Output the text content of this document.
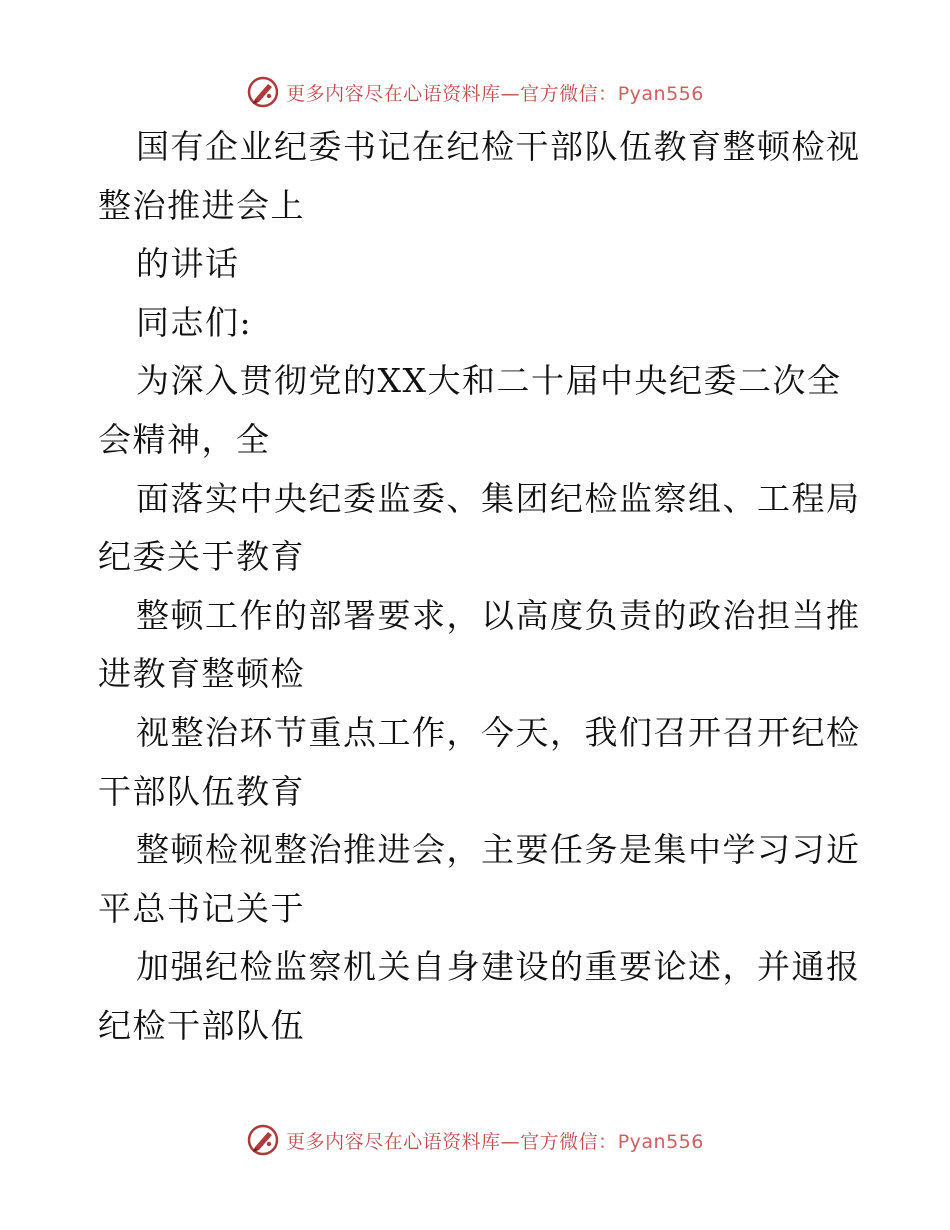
更多内容尽在心语资料库—官方微信：Pyan556
国有企业纪委书记在纪检干部队伍教育整顿检视
整治推进会上
的讲话
同志们:
为深入贯彻党的XX大和二十届中央纪委二次全
会精神，全
面落实中央纪委监委、集团纪检监察组、工程局
纪委关于教育
整顿工作的部署要求，以高度负责的政治担当推
进教育整顿检
视整治环节重点工作，今天，我们召开召开纪检
干部队伍教育
整顿检视整治推进会，主要任务是集中学习习近
平总书记关于
加强纪检监察机关自身建设的重要论述，并通报
纪检干部队伍
更多内容尽在心语资料库—官方微信：Pyan556
